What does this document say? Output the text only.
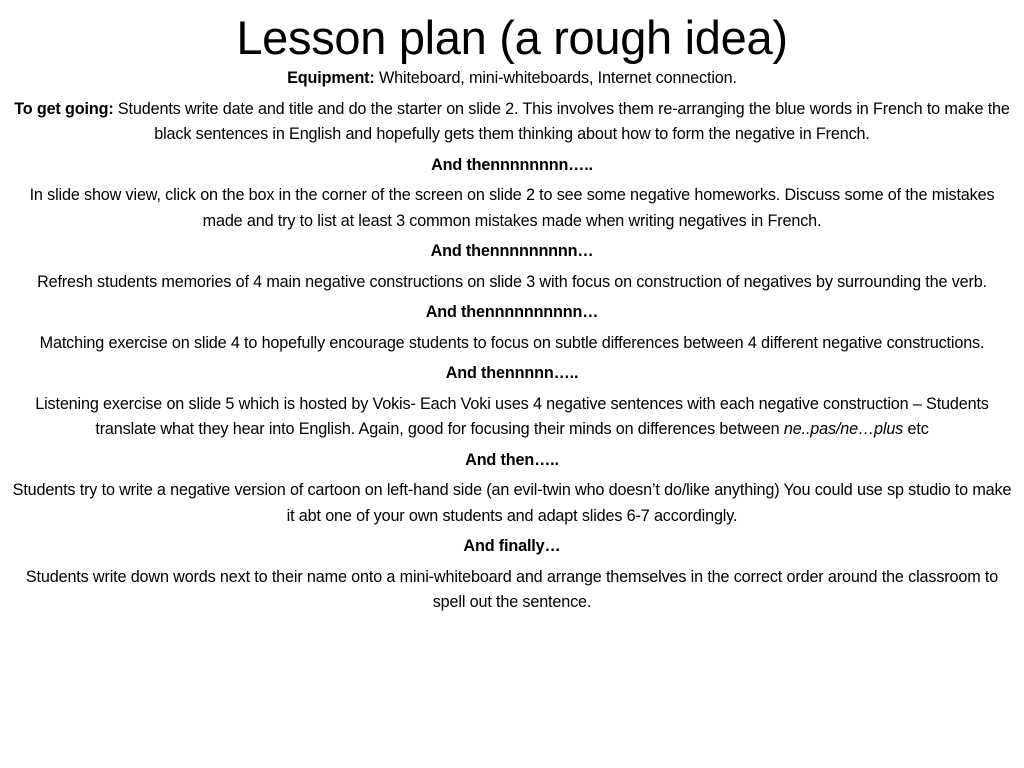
Lesson plan (a rough idea)

Equipment: Whiteboard, mini-whiteboards, Internet connection.

To get going: Students write date and title and do the starter on slide 2. This involves them re-arranging the blue words in French to make the black sentences in English and hopefully gets them thinking about how to form the negative in French.

And thennnnnnnn…..

In slide show view, click on the box in the corner of the screen on slide 2 to see some negative homeworks. Discuss some of the mistakes made and try to list at least 3 common mistakes made when writing negatives in French.

And thennnnnnnnn…

Refresh students memories of 4 main negative constructions on slide 3 with focus on construction of negatives by surrounding the verb.

And thennnnnnnnnn…

Matching exercise on slide 4 to hopefully encourage students to focus on subtle differences between 4 different negative constructions.

And thennnnn…..

Listening exercise on slide 5 which is hosted by Vokis- Each Voki uses 4 negative sentences with each negative construction – Students translate what they hear into English. Again, good for focusing their minds on differences between ne..pas/ne…plus etc

And then…..

Students try to write a negative version of cartoon on left-hand side (an evil-twin who doesn’t do/like anything) You could use sp studio to make it abt one of your own students and adapt slides 6-7 accordingly.

And finally…

Students write down words next to their name onto a mini-whiteboard and arrange themselves in the correct order around the classroom to spell out the sentence.
